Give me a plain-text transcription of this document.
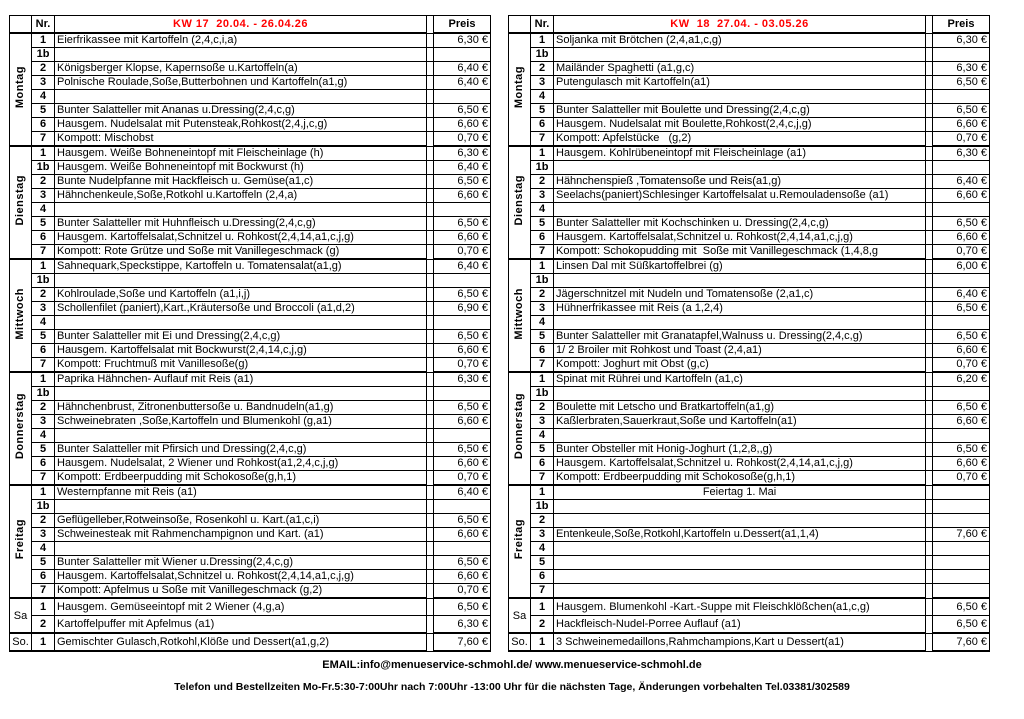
	Nr.	KW 17  20.04. - 26.04.26		Preis
Montag	1	Eierfrikassee mit Kartoffeln (2,4,c,i,a)		6,30 €
	1b			
	2	Königsberger Klopse, Kapernsoße u.Kartoffeln(a)		6,40 €
	3	Polnische Roulade,Soße,Butterbohnen und Kartoffeln(a1,g)		6,40 €
	4			
	5	Bunter Salatteller mit Ananas u.Dressing(2,4,c,g)		6,50 €
	6	Hausgem. Nudelsalat mit Putensteak,Rohkost(2,4,j,c,g)		6,60 €
	7	Kompott: Mischobst		0,70 €
Dienstag	1	Hausgem. Weiße Bohneneintopf mit Fleischeinlage (h)		6,30 €
	1b	Hausgem. Weiße Bohneneintopf mit Bockwurst (h)		6,40 €
	2	Bunte Nudelpfanne mit Hackfleisch u. Gemüse(a1,c)		6,50 €
	3	Hähnchenkeule,Soße,Rotkohl u.Kartoffeln (2,4,a)		6,60 €
	4			
	5	Bunter Salatteller mit Huhnfleisch u.Dressing(2,4,c,g)		6,50 €
	6	Hausgem. Kartoffelsalat,Schnitzel u. Rohkost(2,4,14,a1,c,j,g)		6,60 €
	7	Kompott: Rote Grütze und Soße mit Vanillegeschmack (g)		0,70 €
Mittwoch	1	Sahnequark,Speckstippe, Kartoffeln u. Tomatensalat(a1,g)		6,40 €
	1b			
	2	Kohlroulade,Soße und Kartoffeln (a1,i,j)		6,50 €
	3	Schollenfilet (paniert),Kart.,Kräutersoße und Broccoli (a1,d,2)		6,90 €
	4			
	5	Bunter Salatteller mit Ei und Dressing(2,4,c,g)		6,50 €
	6	Hausgem. Kartoffelsalat mit Bockwurst(2,4,14,c,j,g)		6,60 €
	7	Kompott: Fruchtmuß mit Vanillesoße(g)		0,70 €
Donnerstag	1	Paprika Hähnchen- Auflauf mit Reis (a1)		6,30 €
	1b			
	2	Hähnchenbrust, Zitronenbuttersoße u. Bandnudeln(a1,g)		6,50 €
	3	Schweinebraten ,Soße,Kartoffeln und Blumenkohl (g,a1)		6,60 €
	4			
	5	Bunter Salatteller mit Pfirsich und Dressing(2,4,c,g)		6,50 €
	6	Hausgem. Nudelsalat, 2 Wiener und Rohkost(a1,2,4,c,j,g)		6,60 €
	7	Kompott: Erdbeerpudding mit Schokosoße(g,h,1)		0,70 €
Freitag	1	Westernpfanne mit Reis (a1)		6,40 €
	1b			
	2	Geflügelleber,Rotweinsoße, Rosenkohl u. Kart.(a1,c,i)		6,50 €
	3	Schweinesteak mit Rahmenchampignon und Kart. (a1)		6,60 €
	4			
	5	Bunter Salatteller mit Wiener u.Dressing(2,4,c,g)		6,50 €
	6	Hausgem. Kartoffelsalat,Schnitzel u. Rohkost(2,4,14,a1,c,j,g)		6,60 €
	7	Kompott: Apfelmus u Soße mit Vanillegeschmack (g,2)		0,70 €
Sa	1	Hausgem. Gemüseeintopf mit 2 Wiener (4,g,a)		6,50 €
	2	Kartoffelpuffer mit Apfelmus (a1)		6,30 €
So.	1	Gemischter Gulasch,Rotkohl,Klöße und Dessert(a1,g,2)		7,60 €
	Nr.	KW  18  27.04. - 03.05.26		Preis
Montag	1	Soljanka mit Brötchen (2,4,a1,c,g)		6,30 €
	1b			
	2	Mailänder Spaghetti (a1,g,c)		6,30 €
	3	Putengulasch mit Kartoffeln(a1)		6,50 €
	4			
	5	Bunter Salatteller mit Boulette und Dressing(2,4,c,g)		6,50 €
	6	Hausgem. Nudelsalat mit Boulette,Rohkost(2,4,c,j,g)		6,60 €
	7	Kompott: Apfelstücke   (g,2)		0,70 €
Dienstag	1	Hausgem. Kohlrübeneintopf mit Fleischeinlage (a1)		6,30 €
	1b			
	2	Hähnchenspieß ,Tomatensoße und Reis(a1,g)		6,40 €
	3	Seelachs(paniert)Schlesinger Kartoffelsalat u.Remouladensoße (a1)		6,60 €
	4			
	5	Bunter Salatteller mit Kochschinken u. Dressing(2,4,c,g)		6,50 €
	6	Hausgem. Kartoffelsalat,Schnitzel u. Rohkost(2,4,14,a1,c,j,g)		6,60 €
	7	Kompott: Schokopudding mit  Soße mit Vanillegeschmack (1,4,8,g		0,70 €
Mittwoch	1	Linsen Dal mit Süßkartoffelbrei (g)		6,00 €
	1b			
	2	Jägerschnitzel mit Nudeln und Tomatensoße (2,a1,c)		6,40 €
	3	Hühnerfrikassee mit Reis (a 1,2,4)		6,50 €
	4			
	5	Bunter Salatteller mit Granatapfel,Walnuss u. Dressing(2,4,c,g)		6,50 €
	6	1/ 2 Broiler mit Rohkost und Toast (2,4,a1)		6,60 €
	7	Kompott: Joghurt mit Obst (g,c)		0,70 €
Donnerstag	1	Spinat mit Rührei und Kartoffeln (a1,c)		6,20 €
	1b			
	2	Boulette mit Letscho und Bratkartoffeln(a1,g)		6,50 €
	3	Kaßlerbraten,Sauerkraut,Soße und Kartoffeln(a1)		6,60 €
	4			
	5	Bunter Obsteller mit Honig-Joghurt (1,2,8,,g)		6,50 €
	6	Hausgem. Kartoffelsalat,Schnitzel u. Rohkost(2,4,14,a1,c,j,g)		6,60 €
	7	Kompott: Erdbeerpudding mit Schokosoße(g,h,1)		0,70 €
Freitag	1	Feiertag 1. Mai		
	1b			
	2			
	3	Entenkeule,Soße,Rotkohl,Kartoffeln u.Dessert(a1,1,4)		7,60 €
	4			
	5			
	6			
	7			
Sa	1	Hausgem. Blumenkohl -Kart.-Suppe mit Fleischklößchen(a1,c,g)		6,50 €
	2	Hackfleisch-Nudel-Porree Auflauf (a1)		6,50 €
So.	1	3 Schweinemedaillons,Rahmchampions,Kart u Dessert(a1)		7,60 €
EMAIL:info@menueservice-schmohl.de/ www.menueservice-schmohl.de
Telefon und Bestellzeiten Mo-Fr.5:30-7:00Uhr nach 7:00Uhr -13:00 Uhr für die nächsten Tage, Änderungen vorbehalten Tel.03381/302589
